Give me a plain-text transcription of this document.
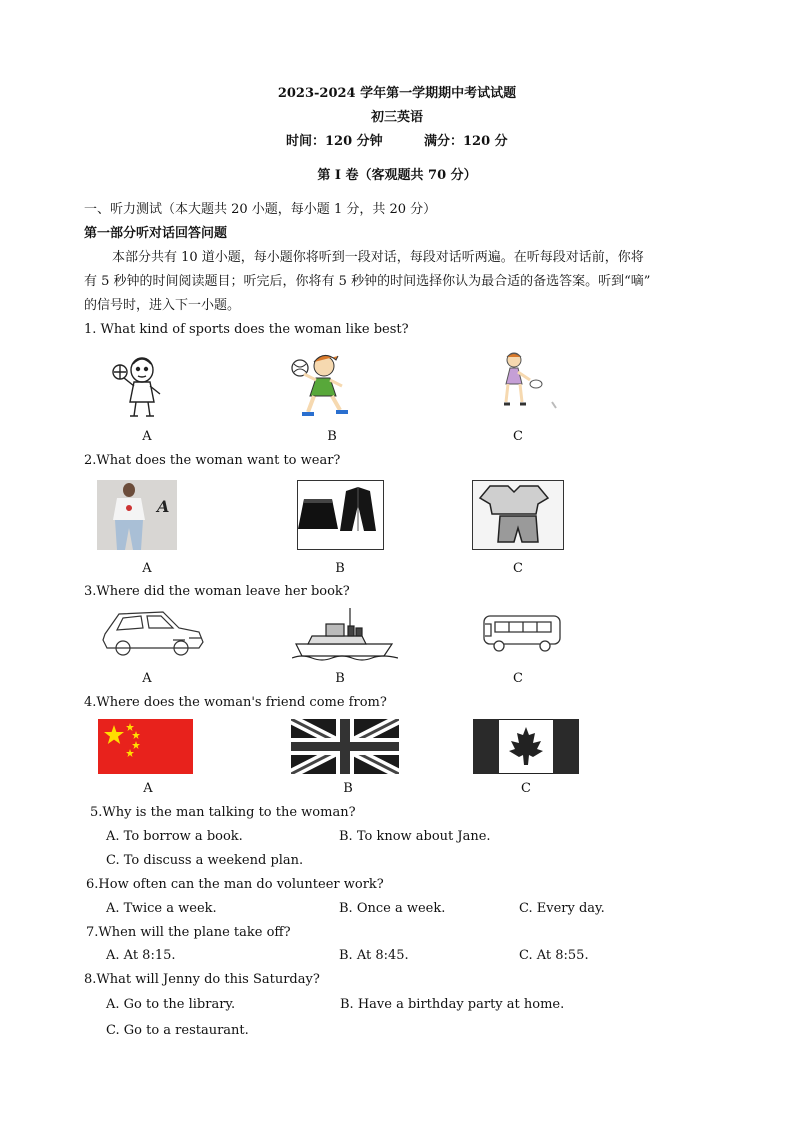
2023-2024 学年第一学期期中考试试题
初三英语
时间：120 分钟	满分：120 分
第 I 卷（客观题共 70 分）
一、听力测试（本大题共 20 小题，每小题 1 分，共 20 分）
第一部分听对话回答问题
本部分共有 10 道小题，每小题你将听到一段对话，每段对话听两遍。在听每段对话前，你将
有 5 秒钟的时间阅读题目；听完后，你将有 5 秒钟的时间选择你认为最合适的备选答案。听到“嘀”
的信号时，进入下一小题。
1. What kind of sports does the woman like best?
A	B	C
2.What does the woman want to wear?
A
A	B	C
3.Where did the woman leave her book?
A	B	C
4.Where does the woman's friend come from?
A	B	C
5.Why is the man talking to the woman?
A. To borrow a book.	B. To know about Jane.
C. To discuss a weekend plan.
6.How often can the man do volunteer work?
A. Twice a week.	B. Once a week.	C. Every day.
7.When will the plane take off?
A. At 8:15.	B. At 8:45.	C. At 8:55.
8.What will Jenny do this Saturday?
A. Go to the library.	B. Have a birthday party at home.
C. Go to a restaurant.
